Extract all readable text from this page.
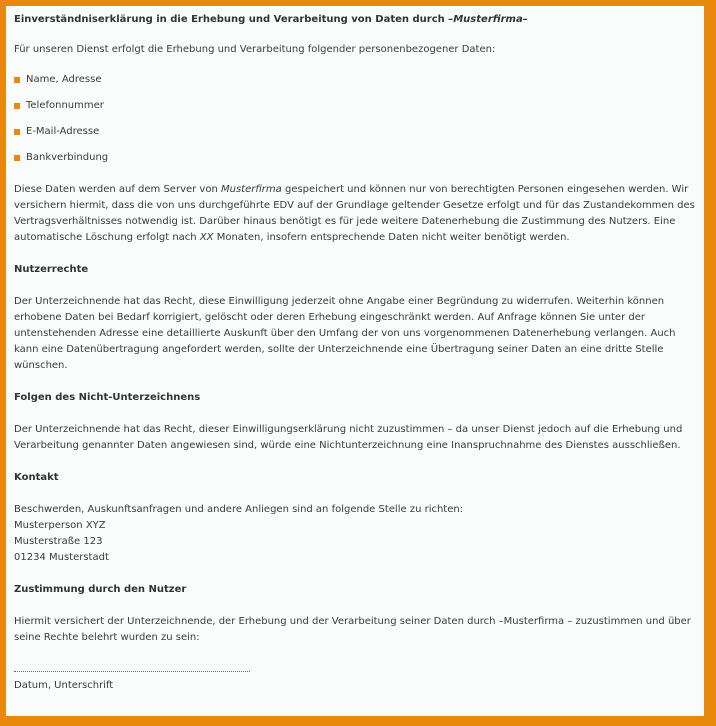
Einverständniserklärung in die Erhebung und Verarbeitung von Daten durch –Musterfirma–

Für unseren Dienst erfolgt die Erhebung und Verarbeitung folgender personenbezogener Daten:

Name, Adresse
Telefonnummer
E-Mail-Adresse
Bankverbindung

Diese Daten werden auf dem Server von Musterfirma gespeichert und können nur von berechtigten Personen eingesehen werden. Wir versichern hiermit, dass die von uns durchgeführte EDV auf der Grundlage geltender Gesetze erfolgt und für das Zustandekommen des Vertragsverhältnisses notwendig ist. Darüber hinaus benötigt es für jede weitere Datenerhebung die Zustimmung des Nutzers. Eine automatische Löschung erfolgt nach XX Monaten, insofern entsprechende Daten nicht weiter benötigt werden.

Nutzerrechte

Der Unterzeichnende hat das Recht, diese Einwilligung jederzeit ohne Angabe einer Begründung zu widerrufen. Weiterhin können erhobene Daten bei Bedarf korrigiert, gelöscht oder deren Erhebung eingeschränkt werden. Auf Anfrage können Sie unter der untenstehenden Adresse eine detaillierte Auskunft über den Umfang der von uns vorgenommenen Datenerhebung verlangen. Auch kann eine Datenübertragung angefordert werden, sollte der Unterzeichnende eine Übertragung seiner Daten an eine dritte Stelle wünschen.

Folgen des Nicht-Unterzeichnens

Der Unterzeichnende hat das Recht, dieser Einwilligungserklärung nicht zuzustimmen – da unser Dienst jedoch auf die Erhebung und Verarbeitung genannter Daten angewiesen sind, würde eine Nichtunterzeichnung eine Inanspruchnahme des Dienstes ausschließen.

Kontakt

Beschwerden, Auskunftsanfragen und andere Anliegen sind an folgende Stelle zu richten:

Musterperson XYZ

Musterstraße 123

01234 Musterstadt

Zustimmung durch den Nutzer

Hiermit versichert der Unterzeichnende, der Erhebung und der Verarbeitung seiner Daten durch –Musterfirma – zuzustimmen und über seine Rechte belehrt wurden zu sein:

Datum, Unterschrift
